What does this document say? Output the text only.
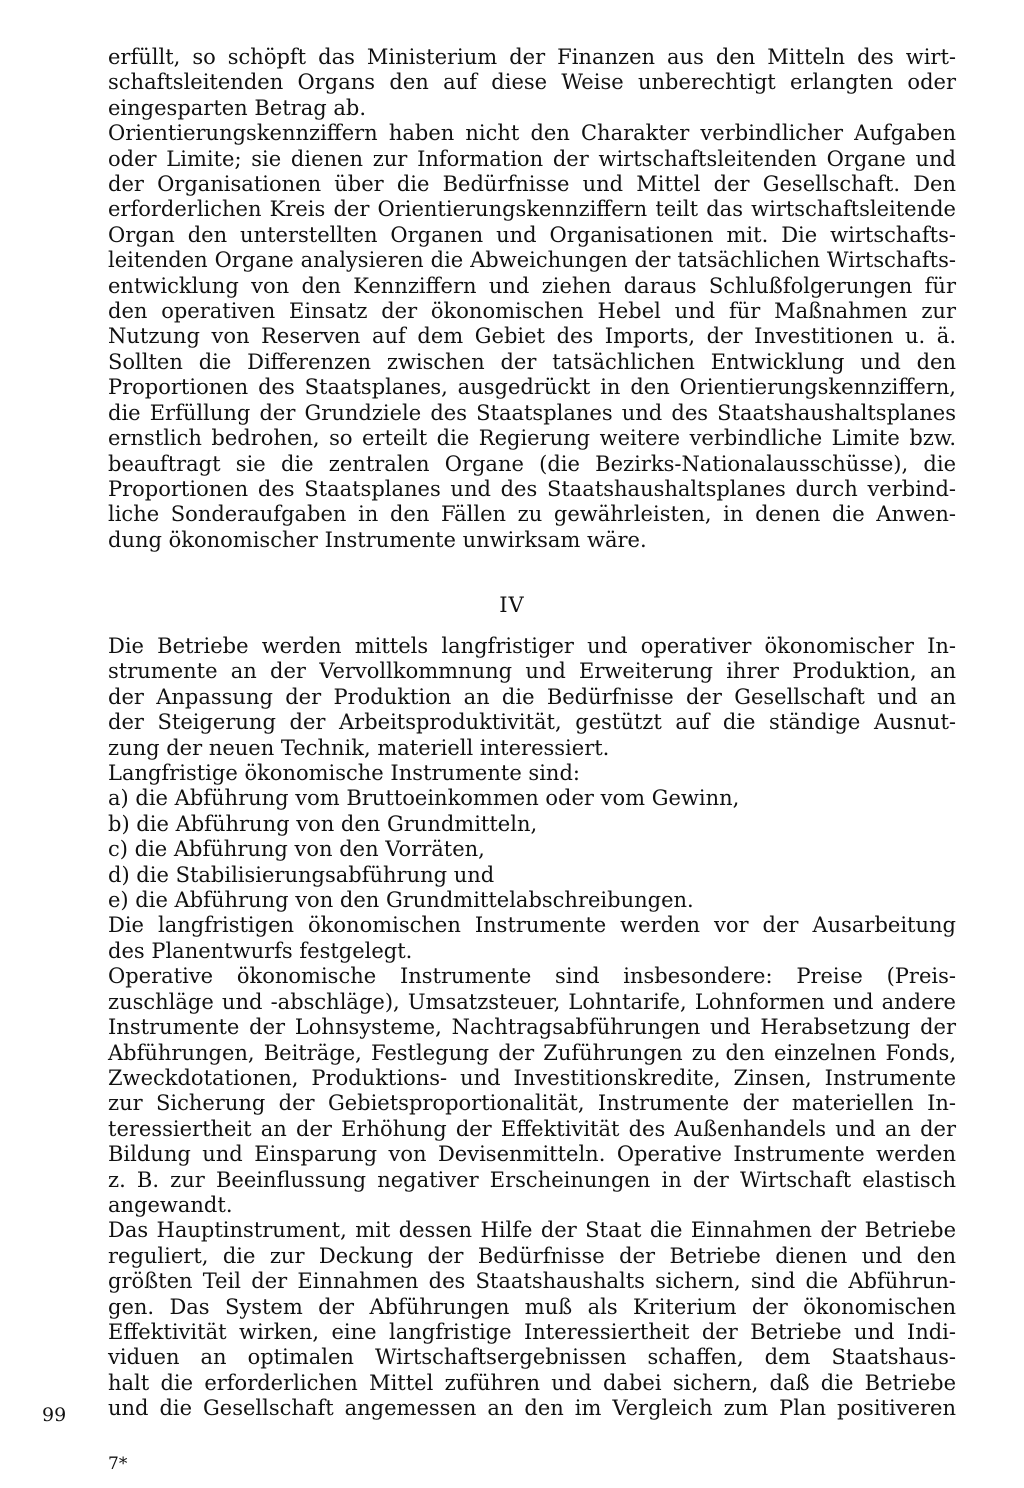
erfüllt, so schöpft das Ministerium der Finanzen aus den Mitteln des wirt-
schaftsleitenden Organs den auf diese Weise unberechtigt erlangten oder
eingesparten Betrag ab.
Orientierungskennziffern haben nicht den Charakter verbindlicher Aufgaben
oder Limite; sie dienen zur Information der wirtschaftsleitenden Organe und
der Organisationen über die Bedürfnisse und Mittel der Gesellschaft. Den
erforderlichen Kreis der Orientierungskennziffern teilt das wirtschaftsleitende
Organ den unterstellten Organen und Organisationen mit. Die wirtschafts-
leitenden Organe analysieren die Abweichungen der tatsächlichen Wirtschafts-
entwicklung von den Kennziffern und ziehen daraus Schlußfolgerungen für
den operativen Einsatz der ökonomischen Hebel und für Maßnahmen zur
Nutzung von Reserven auf dem Gebiet des Imports, der Investitionen u. ä.
Sollten die Differenzen zwischen der tatsächlichen Entwicklung und den
Proportionen des Staatsplanes, ausgedrückt in den Orientierungskennziffern,
die Erfüllung der Grundziele des Staatsplanes und des Staatshaushaltsplanes
ernstlich bedrohen, so erteilt die Regierung weitere verbindliche Limite bzw.
beauftragt sie die zentralen Organe (die Bezirks-Nationalausschüsse), die
Proportionen des Staatsplanes und des Staatshaushaltsplanes durch verbind-
liche Sonderaufgaben in den Fällen zu gewährleisten, in denen die Anwen-
dung ökonomischer Instrumente unwirksam wäre.
IV
Die Betriebe werden mittels langfristiger und operativer ökonomischer In-
strumente an der Vervollkommnung und Erweiterung ihrer Produktion, an
der Anpassung der Produktion an die Bedürfnisse der Gesellschaft und an
der Steigerung der Arbeitsproduktivität, gestützt auf die ständige Ausnut-
zung der neuen Technik, materiell interessiert.
Langfristige ökonomische Instrumente sind:
a) die Abführung vom Bruttoeinkommen oder vom Gewinn,
b) die Abführung von den Grundmitteln,
c) die Abführung von den Vorräten,
d) die Stabilisierungsabführung und
e) die Abführung von den Grundmittelabschreibungen.
Die langfristigen ökonomischen Instrumente werden vor der Ausarbeitung
des Planentwurfs festgelegt.
Operative ökonomische Instrumente sind insbesondere: Preise (Preis-
zuschläge und -abschläge), Umsatzsteuer, Lohntarife, Lohnformen und andere
Instrumente der Lohnsysteme, Nachtragsabführungen und Herabsetzung der
Abführungen, Beiträge, Festlegung der Zuführungen zu den einzelnen Fonds,
Zweckdotationen, Produktions- und Investitionskredite, Zinsen, Instrumente
zur Sicherung der Gebietsproportionalität, Instrumente der materiellen In-
teressiertheit an der Erhöhung der Effektivität des Außenhandels und an der
Bildung und Einsparung von Devisenmitteln. Operative Instrumente werden
z. B. zur Beeinflussung negativer Erscheinungen in der Wirtschaft elastisch
angewandt.
Das Hauptinstrument, mit dessen Hilfe der Staat die Einnahmen der Betriebe
reguliert, die zur Deckung der Bedürfnisse der Betriebe dienen und den
größten Teil der Einnahmen des Staatshaushalts sichern, sind die Abführun-
gen. Das System der Abführungen muß als Kriterium der ökonomischen
Effektivität wirken, eine langfristige Interessiertheit der Betriebe und Indi-
viduen an optimalen Wirtschaftsergebnissen schaffen, dem Staatshaus-
halt die erforderlichen Mittel zuführen und dabei sichern, daß die Betriebe
und die Gesellschaft angemessen an den im Vergleich zum Plan positiveren
99
7*
